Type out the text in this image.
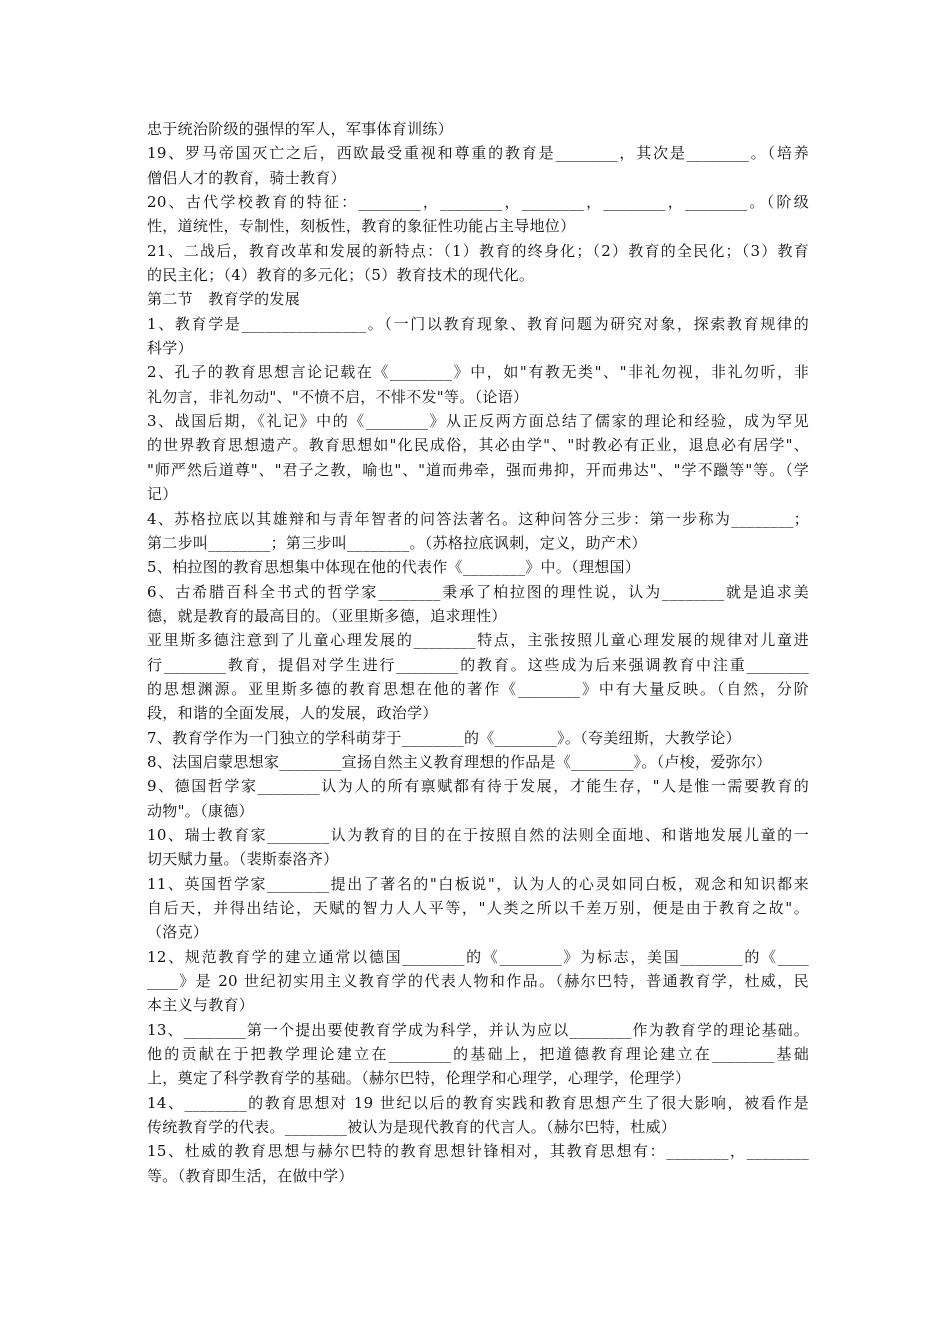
忠于统治阶级的强悍的军人，军事体育训练）
19、罗马帝国灭亡之后，西欧最受重视和尊重的教育是________，其次是________。（培养
僧侣人才的教育，骑士教育）
20、古代学校教育的特征：________，________，________，________，________。（阶级
性，道统性，专制性，刻板性，教育的象征性功能占主导地位）
21、二战后，教育改革和发展的新特点：（1）教育的终身化；（2）教育的全民化；（3）教育
的民主化；（4）教育的多元化；（5）教育技术的现代化。
第二节　教育学的发展
1、教育学是________________。（一门以教育现象、教育问题为研究对象，探索教育规律的
科学）
2、孔子的教育思想言论记载在《________》中，如"有教无类"、"非礼勿视，非礼勿听，非
礼勿言，非礼勿动"、"不愤不启，不悱不发"等。（论语）
3、战国后期，《礼记》中的《________》从正反两方面总结了儒家的理论和经验，成为罕见
的世界教育思想遗产。教育思想如"化民成俗，其必由学"、"时教必有正业，退息必有居学"、
"师严然后道尊"、"君子之教，喻也"、"道而弗牵，强而弗抑，开而弗达"、"学不躐等"等。（学
记）
4、苏格拉底以其雄辩和与青年智者的问答法著名。这种问答分三步：第一步称为________；
第二步叫________；第三步叫________。（苏格拉底讽刺，定义，助产术）
5、柏拉图的教育思想集中体现在他的代表作《________》中。（理想国）
6、古希腊百科全书式的哲学家________秉承了柏拉图的理性说，认为________就是追求美
德，就是教育的最高目的。（亚里斯多德，追求理性）
亚里斯多德注意到了儿童心理发展的________特点，主张按照儿童心理发展的规律对儿童进
行________教育，提倡对学生进行________的教育。这些成为后来强调教育中注重________
的思想渊源。亚里斯多德的教育思想在他的著作《________》中有大量反映。（自然，分阶
段，和谐的全面发展，人的发展，政治学）
7、教育学作为一门独立的学科萌芽于________的《________》。（夸美纽斯，大教学论）
8、法国启蒙思想家________宣扬自然主义教育理想的作品是《________》。（卢梭，爱弥尔）
9、德国哲学家________认为人的所有禀赋都有待于发展，才能生存，"人是惟一需要教育的
动物"。（康德）
10、瑞士教育家________认为教育的目的在于按照自然的法则全面地、和谐地发展儿童的一
切天赋力量。（裴斯泰洛齐）
11、英国哲学家________提出了著名的"白板说"，认为人的心灵如同白板，观念和知识都来
自后天，并得出结论，天赋的智力人人平等，"人类之所以千差万别，便是由于教育之故"。
（洛克）
12、规范教育学的建立通常以德国________的《________》为标志，美国________的《____
____》是 20 世纪初实用主义教育学的代表人物和作品。（赫尔巴特，普通教育学，杜威，民
本主义与教育）
13、________第一个提出要使教育学成为科学，并认为应以________作为教育学的理论基础。
他的贡献在于把教学理论建立在________的基础上，把道德教育理论建立在________基础
上，奠定了科学教育学的基础。（赫尔巴特，伦理学和心理学，心理学，伦理学）
14、________的教育思想对 19 世纪以后的教育实践和教育思想产生了很大影响，被看作是
传统教育学的代表。________被认为是现代教育的代言人。（赫尔巴特，杜威）
15、杜威的教育思想与赫尔巴特的教育思想针锋相对，其教育思想有：________，________
等。（教育即生活，在做中学）
